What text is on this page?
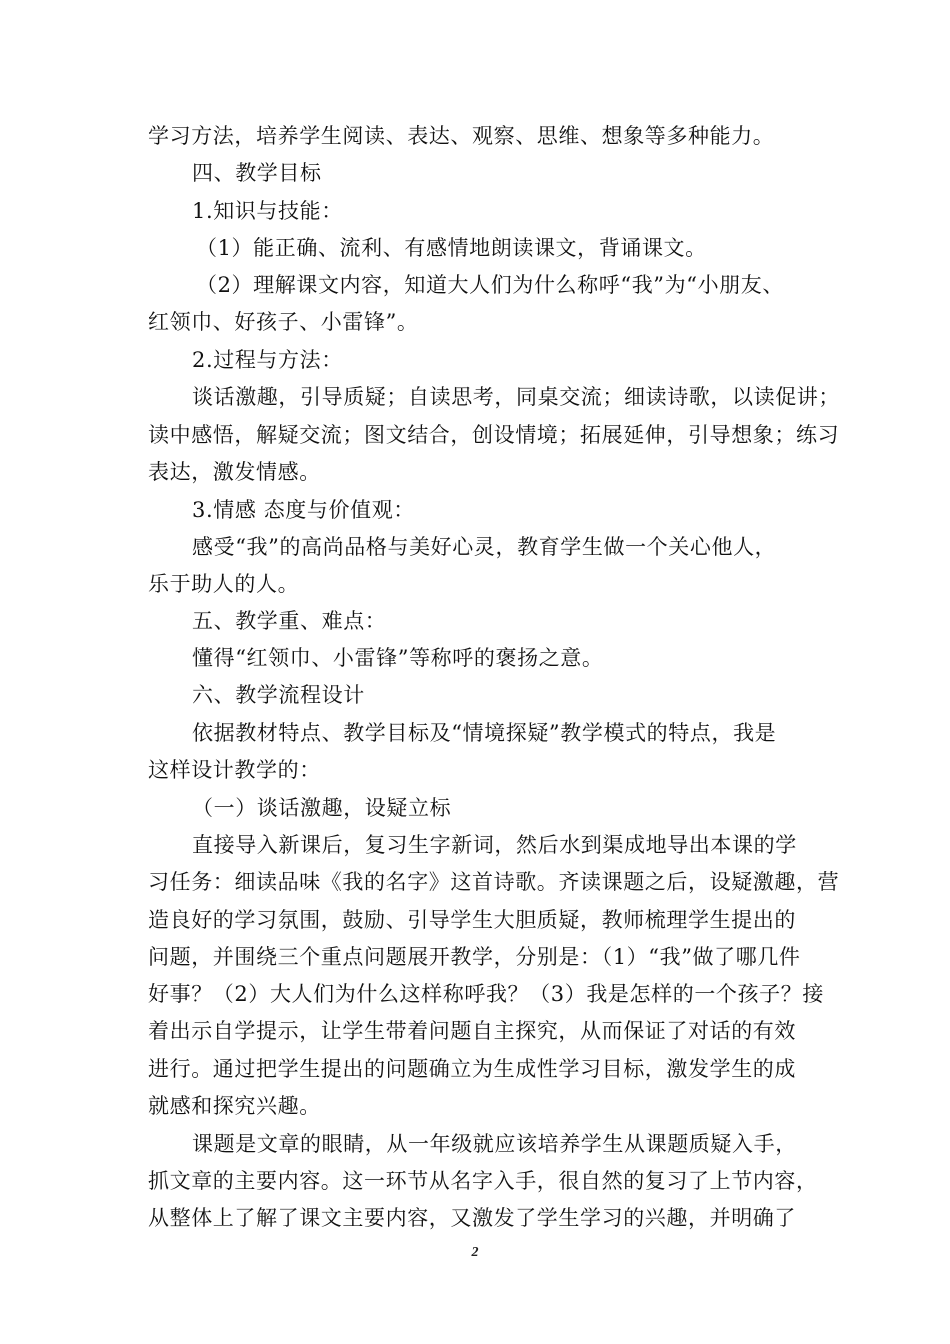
学习方法，培养学生阅读、表达、观察、思维、想象等多种能力。
四、教学目标
1.知识与技能：
（1）能正确、流利、有感情地朗读课文，背诵课文。
（2）理解课文内容，知道大人们为什么称呼“我”为“小朋友、
红领巾、好孩子、小雷锋”。
2.过程与方法：
谈话激趣，引导质疑；自读思考，同桌交流；细读诗歌，以读促讲；
读中感悟，解疑交流；图文结合，创设情境；拓展延伸，引导想象；练习
表达，激发情感。
3.情感 态度与价值观：
感受“我”的高尚品格与美好心灵，教育学生做一个关心他人，
乐于助人的人。
五、教学重、难点：
懂得“红领巾、小雷锋”等称呼的褒扬之意。
六、教学流程设计
依据教材特点、教学目标及“情境探疑”教学模式的特点，我是
这样设计教学的：
（一）谈话激趣，设疑立标
直接导入新课后，复习生字新词，然后水到渠成地导出本课的学
习任务：细读品味《我的名字》这首诗歌。齐读课题之后，设疑激趣，营
造良好的学习氛围，鼓励、引导学生大胆质疑，教师梳理学生提出的
问题，并围绕三个重点问题展开教学，分别是：（1）“我”做了哪几件
好事？（2）大人们为什么这样称呼我？（3）我是怎样的一个孩子？接
着出示自学提示，让学生带着问题自主探究，从而保证了对话的有效
进行。通过把学生提出的问题确立为生成性学习目标，激发学生的成
就感和探究兴趣。
课题是文章的眼睛，从一年级就应该培养学生从课题质疑入手，
抓文章的主要内容。这一环节从名字入手，很自然的复习了上节内容，
从整体上了解了课文主要内容，又激发了学生学习的兴趣，并明确了
2
